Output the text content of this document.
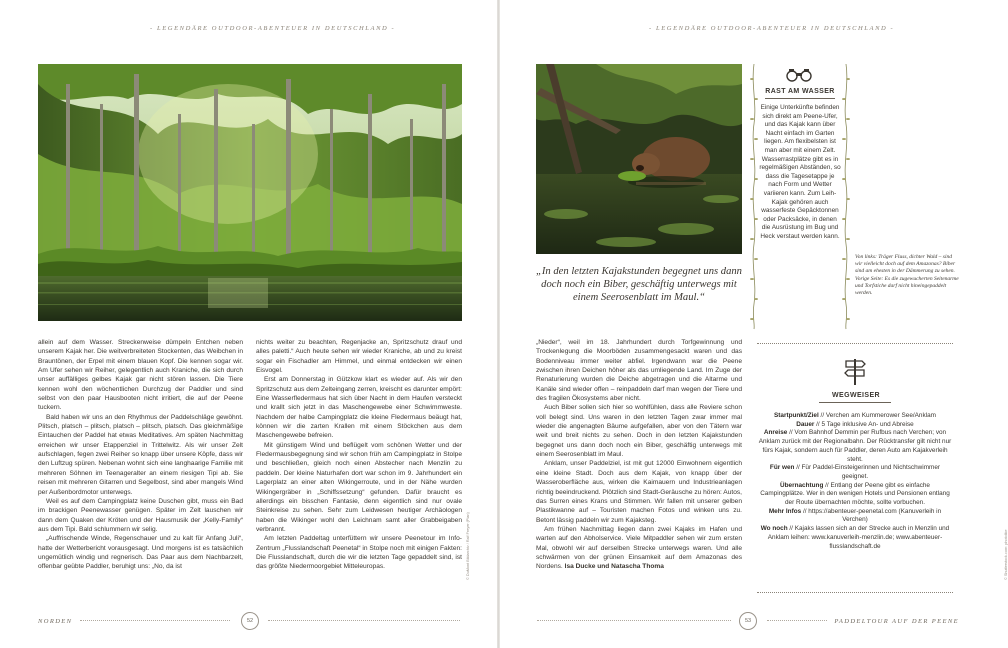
- LEGENDÄRE OUTDOOR-ABENTEUER IN DEUTSCHLAND -

allein auf dem Wasser. Streckenweise dümpeln Entchen neben unserem Kajak her. Die weitverbreiteten Stockenten, das Weibchen in Brauntönen, der Erpel mit einem blauen Kopf. Die kennen sogar wir. Am Ufer sehen wir Reiher, gelegentlich auch Kraniche, die sich durch unser auffälliges gelbes Kajak gar nicht stören lassen. Die Tiere kennen wohl den wöchentlichen Durchzug der Paddler und sind selbst von den paar Hausbooten nicht irritiert, die auf der Peene tuckern.

Bald haben wir uns an den Rhythmus der Paddelschläge gewöhnt. Plitsch, platsch – plitsch, platsch – plitsch, platsch. Das gleichmäßige Eintauchen der Paddel hat etwas Meditatives. Am späten Nachmittag erreichen wir unser Etappenziel in Trittelwitz. Als wir unser Zelt aufschlagen, fegen zwei Reiher so knapp über unsere Köpfe, dass wir den Luftzug spüren. Nebenan wohnt sich eine langhaarige Familie mit mehreren Söhnen im Teenageralter an einem riesigen Tipi ab. Sie reisen mit mehreren Gitarren und Segelbost, sind aber mangels Wind per Außenbordmotor unterwegs.

Weil es auf dem Campingplatz keine Duschen gibt, muss ein Bad im brackigen Peenewasser genügen. Später im Zelt lauschen wir dann dem Quaken der Kröten und der Hausmusik der „Kelly-Family“ aus dem Tipi. Bald schlummern wir selig.

„Auffrischende Winde, Regenschauer und zu kalt für Anfang Juli“, hatte der Wetterbericht vorausgesagt. Und morgens ist es tatsächlich ungemütlich windig und regnerisch. Das Paar aus dem Nachbarzelt, offenbar geübte Paddler, beruhigt uns: „No, da ist

nichts weiter zu beachten, Regenjacke an, Spritzschutz drauf und alles paletti.“ Auch heute sehen wir wieder Kraniche, ab und zu kreist sogar ein Fischadler am Himmel, und einmal entdecken wir einen Eisvogel.

Erst am Donnerstag in Gützkow klart es wieder auf. Als wir den Spritzschutz aus dem Zelteingang zerren, kreischt es darunter empört: Eine Wasserfledermaus hat sich über Nacht in dem Haufen versteckt und krallt sich jetzt in das Maschengewebe einer Schwimmweste. Nachdem der halbe Campingplatz die kleine Fledermaus beäugt hat, können wir die zarten Krallen mit einem Stöckchen aus dem Maschengewebe befreien.

Mit günstigem Wind und beflügelt vom schönen Wetter und der Fledermausbegegnung sind wir schon früh am Campingplatz in Stolpe und beschließen, gleich noch einen Abstecher nach Menzlin zu paddeln. Der kleine Naturhafen dort war schon im 9. Jahrhundert ein Lagerplatz an einer alten Wikingerroute, und in der Nähe wurden Wikingergräber in „Schiffssetzung“ gefunden. Dafür braucht es allerdings ein bisschen Fantasie, denn eigentlich sind nur ovale Steinkreise zu sehen. Sehr zum Leidwesen heutiger Archäologen haben die Wikinger wohl den Leichnam samt aller Grabbeigaben verbrannt.

Am letzten Paddeltag unterfüttern wir unsere Peenetour im Info-Zentrum „Flusslandschaft Peenetal“ in Stolpe noch mit einigen Fakten: Die Flusslandschaft, durch die wir die letzten Tage gepaddelt sind, ist das größte Niedermoorgebiet Mitteleuropas.	© DuMont Bildarchiv / Ralf Freyer (Plan)
NORDEN	52
- LEGENDÄRE OUTDOOR-ABENTEUER IN DEUTSCHLAND -
„In den letzten Kajakstunden begegnet uns dann doch noch ein Biber, geschäftig unterwegs mit einem Seerosenblatt im Maul.“

„Nieder“, weil im 18. Jahrhundert durch Torfgewinnung und Trockenlegung die Moorböden zusammengesackt waren und das Bodenniveau immer weiter abfiel. Irgendwann war die Peene zwischen ihren Deichen höher als das umliegende Land. Im Zuge der Renaturierung wurden die Deiche abgetragen und die Altarme und Kanäle sind wieder offen – reinpaddeln darf man wegen der Tiere und des fragilen Ökosystems aber nicht.

Auch Biber sollen sich hier so wohlfühlen, dass alle Reviere schon voll belegt sind. Uns waren in den letzten Tagen zwar immer mal wieder die angenagten Bäume aufgefallen, aber von den Tätern war weit und breit nichts zu sehen. Doch in den letzten Kajakstunden begegnet uns dann doch noch ein Biber, geschäftig unterwegs mit einem Seerosenblatt im Maul.

Anklam, unser Paddelziel, ist mit gut 12000 Einwohnern eigentlich eine kleine Stadt. Doch aus dem Kajak, von knapp über der Wasseroberfläche aus, wirken die Kaimauern und Industrieanlagen richtig beeindruckend. Plötzlich sind Stadt-Geräusche zu hören: Autos, das Surren eines Krans und Stimmen. Wir fallen mit unserer gelben Plastikwanne auf – Touristen machen Fotos und winken uns zu. Betont lässig paddeln wir zum Kajaksteg.

Am frühen Nachmittag liegen dann zwei Kajaks im Hafen und warten auf den Abholservice. Viele Mitpaddler sehen wir zum ersten Mal, obwohl wir auf derselben Strecke unterwegs waren. Und alle schwärmen von der grünen Einsamkeit auf dem Amazonas des Nordens. Isa Ducke und Natascha Thoma	© Shutterstock.com: photolike
RAST AM WASSER
Einige Unterkünfte befinden sich direkt am Peene-Ufer, und das Kajak kann über Nacht einfach im Garten liegen. Am flexibelsten ist man aber mit einem Zelt. Wasserrastplätze gibt es in regelmäßigen Abständen, so dass die Tagesetappe je nach Form und Wetter variieren kann. Zum Leih-Kajak gehören auch wasserfeste Gepäcktonnen oder Packsäcke, in denen die Ausrüstung im Bug und Heck verstaut werden kann.
Von links: Träger Fluss, dichter Wald – sind wir vielleicht doch auf dem Amazonas? Biber sind am ehesten in der Dämmerung zu sehen. Vorige Seite: Es die zugewucherten Seitenarme und Torfstiche darf nicht hineingepaddelt werden.
WEGWEISER
Startpunkt/Ziel // Verchen am Kummerower See/Anklam
Dauer // 5 Tage inklusive An- und Abreise
Anreise // Vom Bahnhof Demmin per Rufbus nach Verchen; von Anklam zurück mit der Regionalbahn. Der Rücktransfer gilt nicht nur fürs Kajak, sondern auch für Paddler, deren Auto am Kajakverleih steht.
Für wen // Für Paddel-Einsteigerinnen und Nichtschwimmer geeignet.
Übernachtung // Entlang der Peene gibt es einfache Campingplätze. Wer in den wenigen Hotels und Pensionen entlang der Route übernachten möchte, sollte vorbuchen.
Mehr Infos // https://abenteuer-peenetal.com (Kanuverleih in Verchen)
Wo noch // Kajaks lassen sich an der Strecke auch in Menzlin und Anklam leihen: www.kanuverleih-menzlin.de; www.abenteuer-flusslandschaft.de
53	PADDELTOUR AUF DER PEENE
